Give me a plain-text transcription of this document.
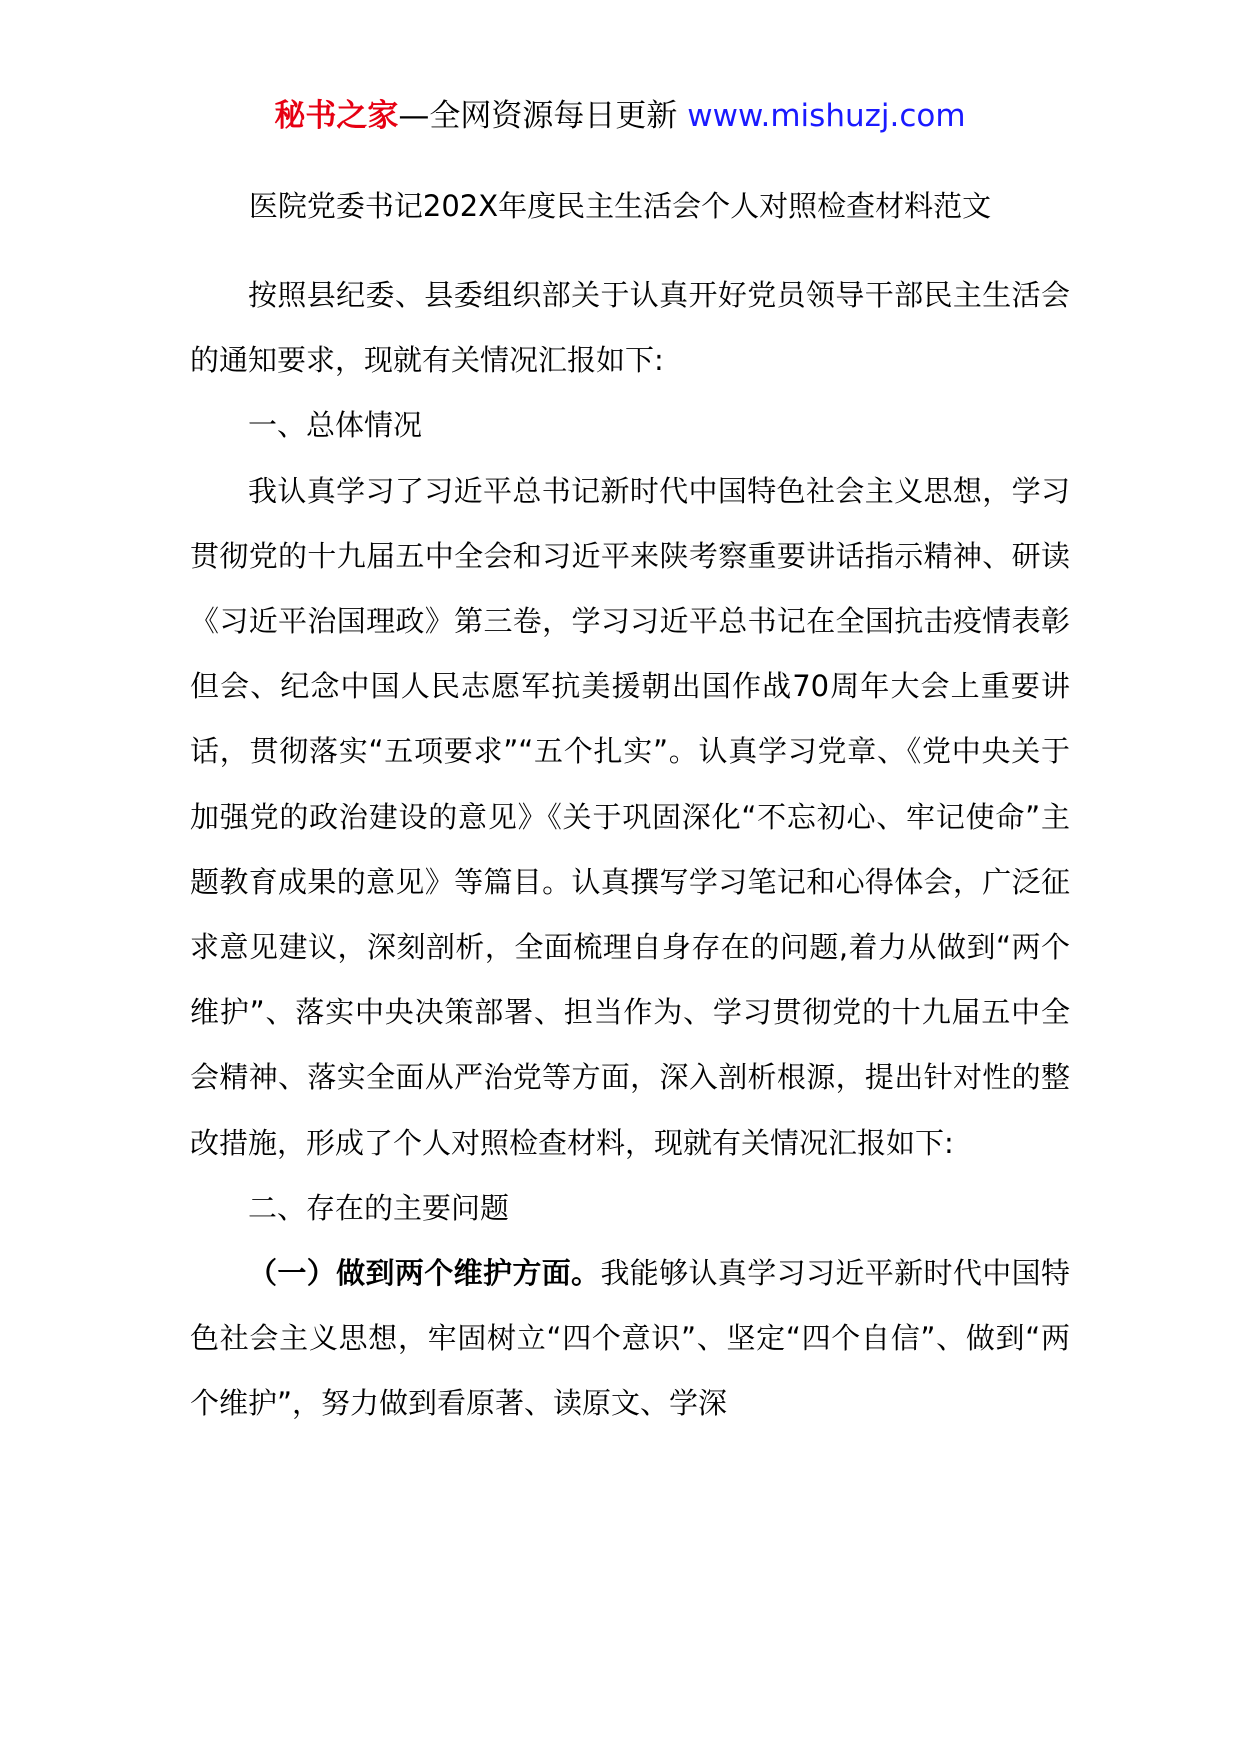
秘书之家—全网资源每日更新 www.mishuzj.com
医院党委书记202X年度民主生活会个人对照检查材料范文

按照县纪委、县委组织部关于认真开好党员领导干部民主生活会的通知要求，现就有关情况汇报如下:

一、总体情况

我认真学习了习近平总书记新时代中国特色社会主义思想，学习贯彻党的十九届五中全会和习近平来陕考察重要讲话指示精神、研读《习近平治国理政》第三卷，学习习近平总书记在全国抗击疫情表彰但会、纪念中国人民志愿军抗美援朝出国作战70周年大会上重要讲话，贯彻落实“五项要求”“五个扎实”。认真学习党章、《党中央关于加强党的政治建设的意见》《关于巩固深化“不忘初心、牢记使命”主题教育成果的意见》等篇目。认真撰写学习笔记和心得体会，广泛征求意见建议，深刻剖析，全面梳理自身存在的问题,着力从做到“两个维护”、落实中央决策部署、担当作为、学习贯彻党的十九届五中全会精神、落实全面从严治党等方面，深入剖析根源，提出针对性的整改措施，形成了个人对照检查材料，现就有关情况汇报如下:

二、存在的主要问题

（一）做到两个维护方面。我能够认真学习习近平新时代中国特色社会主义思想，牢固树立“四个意识”、坚定“四个自信”、做到“两个维护”，努力做到看原著、读原文、学深
